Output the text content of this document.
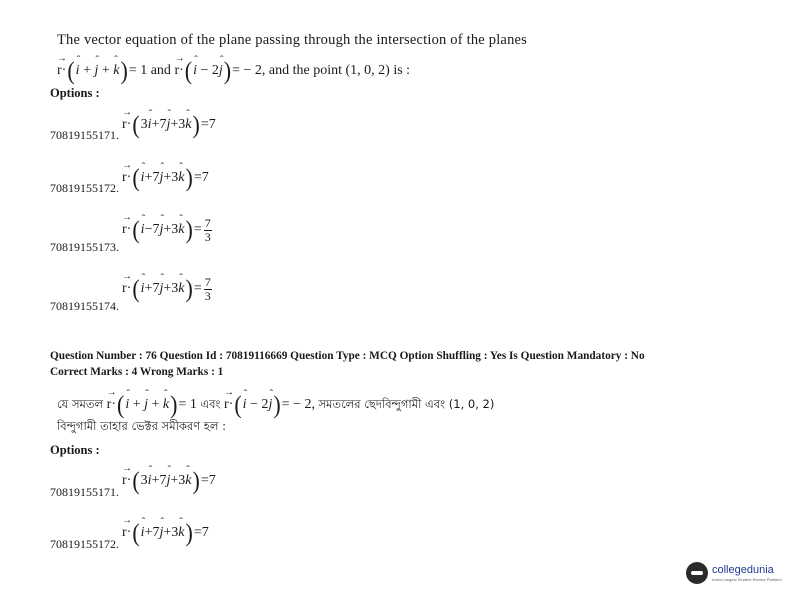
The vector equation of the plane passing through the intersection of the planes
→ r · ( ˆ i + ˆ j + ˆ k ) = 1
and
→ r · ( ˆ i − 2 ˆ j ) = − 2 , and the point (1, 0, 2) is :
Options :
→ r · ( 3 ˆ i +7 ˆ j +3 ˆ k ) =7
70819155171.
→ r · ( ˆ i +7 ˆ j +3 ˆ k ) =7
70819155172.
→ r · ( ˆ i −7 ˆ j +3 ˆ k ) = $\frac{7}{3}$
70819155173.
→ r · ( ˆ i +7 ˆ j +3 ˆ k ) = $\frac{7}{3}$
70819155174.
Question Number : 76 Question Id : 70819116669 Question Type : MCQ Option Shuffling : Yes Is Question Mandatory : No
Correct Marks : 4 Wrong Marks : 1
যে সমতল
→ r · ( ˆ i + ˆ j + ˆ k ) = 1
এবং
→ r · ( ˆ i − 2 ˆ j ) = − 2 , সমতলের ছেদবিন্দুগামী এবং (1, 0, 2)
বিন্দুগামী তাহার ভেক্টর সমীকরণ হল :
Options :
→ r · ( 3 ˆ i +7 ˆ j +3 ˆ k ) =7
70819155171.
→ r · ( ˆ i +7 ˆ j +3 ˆ k ) =7
70819155172.
collegedunia
India's largest Student Review Platform
